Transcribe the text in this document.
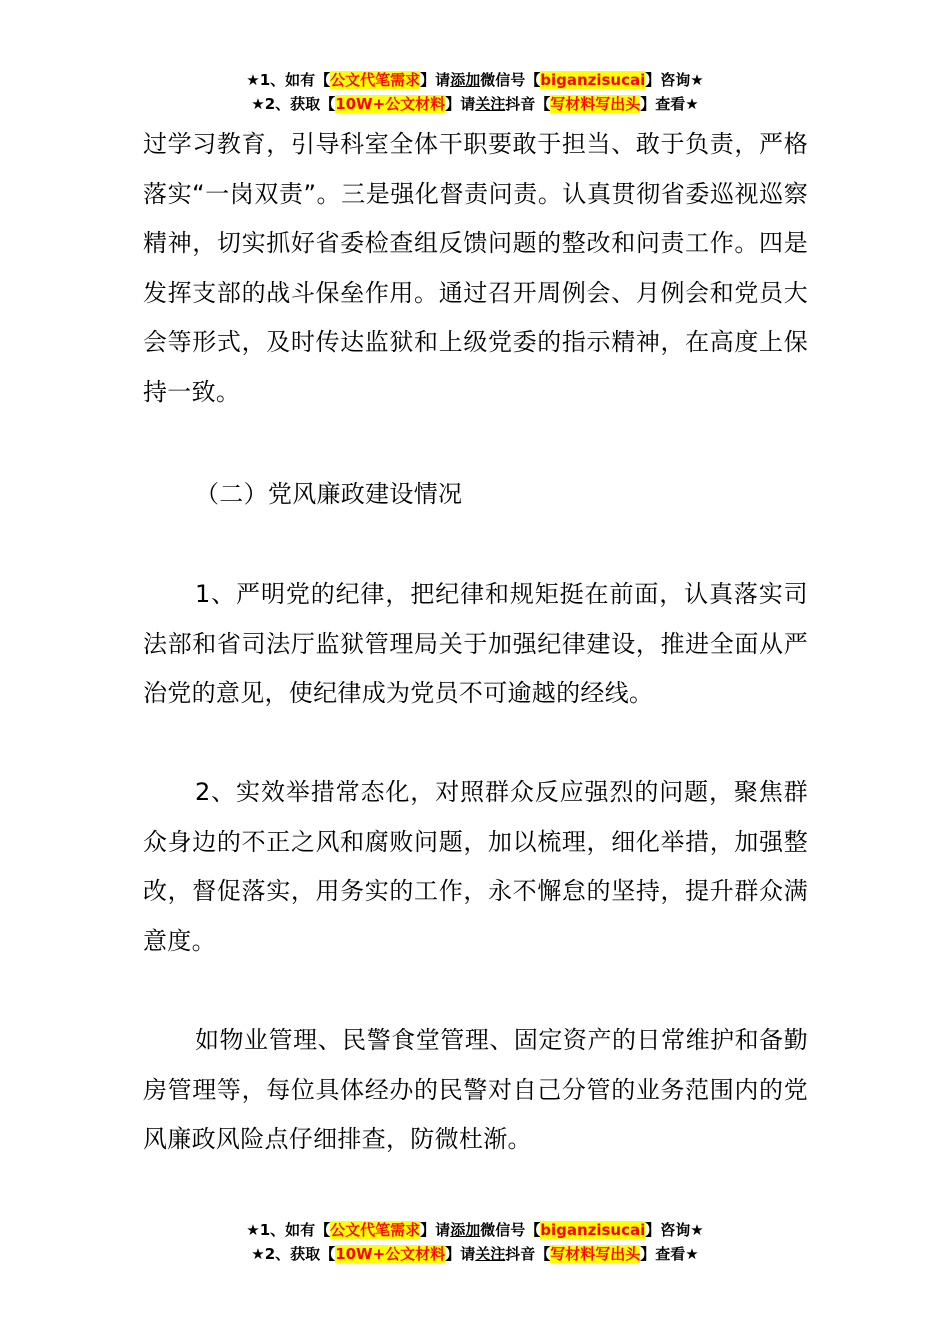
★1、如有【公文代笔需求】请添加微信号【biganzisucai】咨询★
★2、获取【10W+公文材料】请关注抖音【写材料写出头】查看★

过学习教育，引导科室全体干职要敢于担当、敢于负责，严格落实“一岗双责”。三是强化督责问责。认真贯彻省委巡视巡察精神，切实抓好省委检查组反馈问题的整改和问责工作。四是发挥支部的战斗保垒作用。通过召开周例会、月例会和党员大会等形式，及时传达监狱和上级党委的指示精神，在高度上保持一致。

（二）党风廉政建设情况

1、严明党的纪律，把纪律和规矩挺在前面，认真落实司法部和省司法厅监狱管理局关于加强纪律建设，推进全面从严治党的意见，使纪律成为党员不可逾越的经线。

2、实效举措常态化，对照群众反应强烈的问题，聚焦群众身边的不正之风和腐败问题，加以梳理，细化举措，加强整改，督促落实，用务实的工作，永不懈怠的坚持，提升群众满意度。

如物业管理、民警食堂管理、固定资产的日常维护和备勤房管理等，每位具体经办的民警对自己分管的业务范围内的党风廉政风险点仔细排查，防微杜渐。

★1、如有【公文代笔需求】请添加微信号【biganzisucai】咨询★
★2、获取【10W+公文材料】请关注抖音【写材料写出头】查看★
